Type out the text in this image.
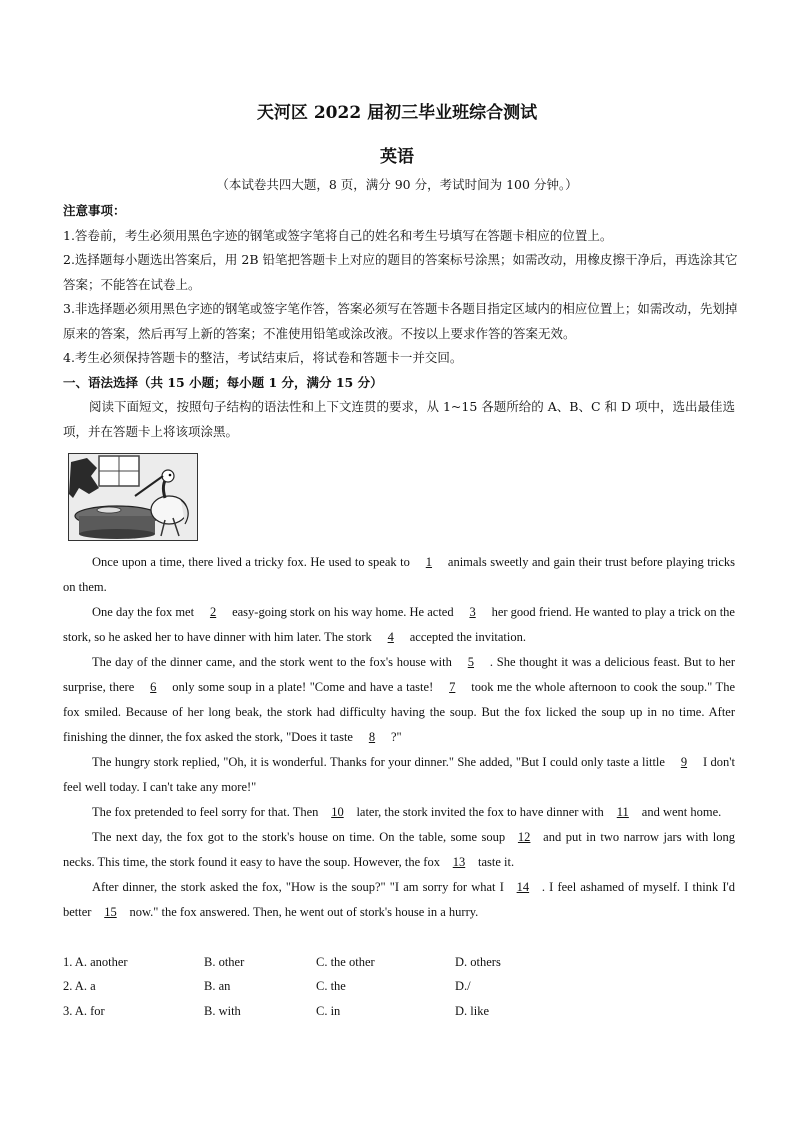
天河区 2022 届初三毕业班综合测试
英语
（本试卷共四大题，8 页，满分 90 分，考试时间为 100 分钟。）

注意事项：

1.答卷前，考生必须用黑色字迹的钢笔或签字笔将自己的姓名和考生号填写在答题卡相应的位置上。

2.选择题每小题选出答案后，用 2B 铅笔把答题卡上对应的题目的答案标号涂黑；如需改动，用橡皮擦干净后，再选涂其它答案；不能答在试卷上。

3.非选择题必须用黑色字迹的钢笔或签字笔作答，答案必须写在答题卡各题目指定区域内的相应位置上；如需改动，先划掉原来的答案，然后再写上新的答案；不准使用铅笔或涂改液。不按以上要求作答的答案无效。

4.考生必须保持答题卡的整洁，考试结束后，将试卷和答题卡一并交回。

一、语法选择（共 15 小题；每小题 1 分，满分 15 分）

阅读下面短文，按照句子结构的语法性和上下文连贯的要求，从 1~15 各题所给的 A、B、C 和 D 项中，选出最佳选项，并在答题卡上将该项涂黑。

Once upon a time, there lived a tricky fox. He used to speak to 1 animals sweetly and gain their trust before playing tricks on them.

One day the fox met 2 easy-going stork on his way home. He acted 3 her good friend. He wanted to play a trick on the stork, so he asked her to have dinner with him later. The stork 4 accepted the invitation.

The day of the dinner came, and the stork went to the fox's house with 5 . She thought it was a delicious feast. But to her surprise, there 6 only some soup in a plate! "Come and have a taste! 7 took me the whole afternoon to cook the soup." The fox smiled. Because of her long beak, the stork had difficulty having the soup. But the fox licked the soup up in no time. After finishing the dinner, the fox asked the stork, "Does it taste 8 ?"

The hungry stork replied, "Oh, it is wonderful. Thanks for your dinner." She added, "But I could only taste a little 9 I don't feel well today. I can't take any more!"

The fox pretended to feel sorry for that. Then 10 later, the stork invited the fox to have dinner with 11 and went home.

The next day, the fox got to the stork's house on time. On the table, some soup 12 and put in two narrow jars with long necks. This time, the stork found it easy to have the soup. However, the fox 13 taste it.

After dinner, the stork asked the fox, "How is the soup?" "I am sorry for what I 14 . I feel ashamed of myself. I think I'd better 15 now." the fox answered. Then, he went out of stork's house in a hurry.

1. A. another	B. other	C. the other	D. others
2. A. a	B. an	C. the	D./
3. A. for	B. with	C. in	D. like
